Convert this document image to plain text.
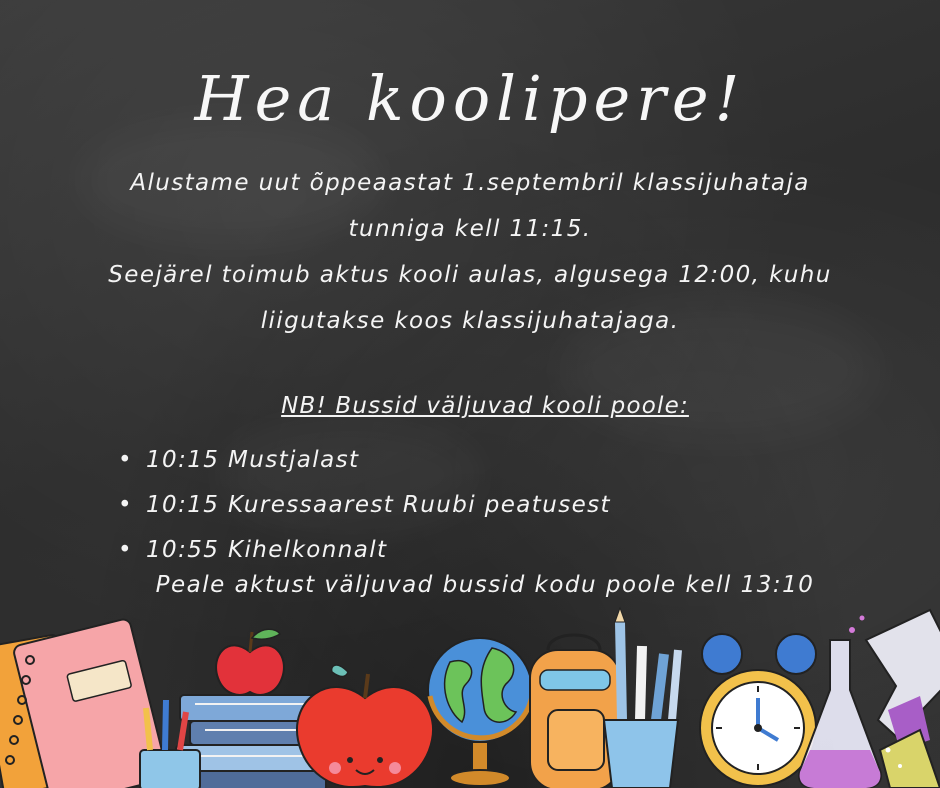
Hea koolipere!
Alustame uut õppeaastat 1.septembril klassijuhataja
tunniga kell 11:15.
Seejärel toimub aktus kooli aulas, algusega 12:00, kuhu
liigutakse koos klassijuhatajaga.
NB! Bussid väljuvad kooli poole:
• 10:15 Mustjalast
• 10:15 Kuressaarest Ruubi peatusest
• 10:55 Kihelkonnalt
Peale aktust väljuvad bussid kodu poole kell 13:10
